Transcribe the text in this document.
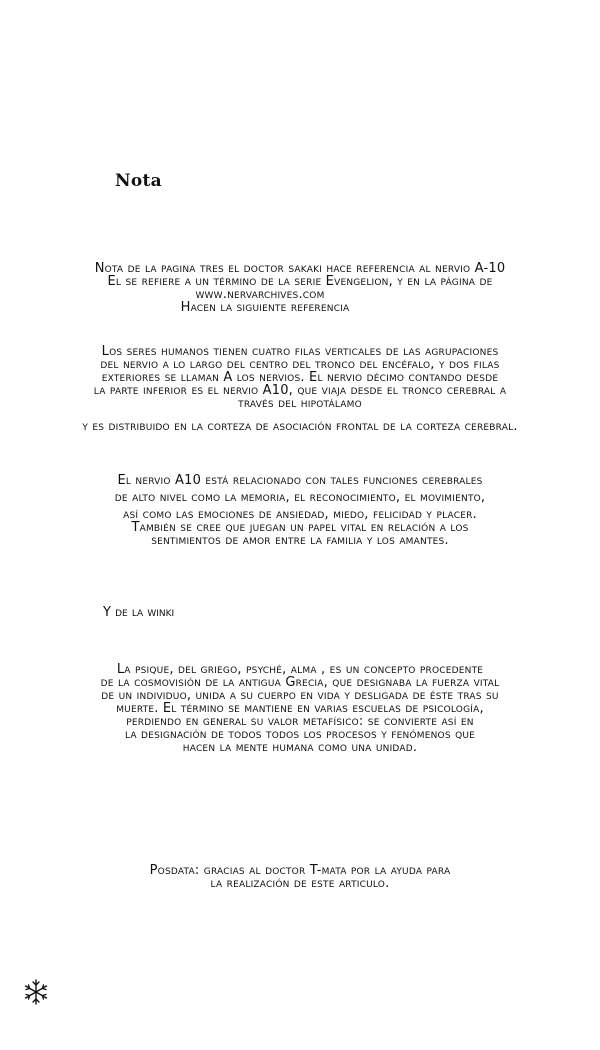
Nota
Nota de la pagina tres el doctor sakaki hace referencia al nervio A-10
El se refiere a un término de la serie Evengelion, y en la página de
www.nervarchives.com
Hacen la siguiente referencia
Los seres humanos tienen cuatro filas verticales de las agrupaciones
del nervio a lo largo del centro del tronco del encéfalo, y dos filas
exteriores se llaman A los nervios. El nervio décimo contando desde
la parte inferior es el nervio A10, que viaja desde el tronco cerebral a
través del hipotálamo
y es distribuido en la corteza de asociación frontal de la corteza cerebral.
El nervio A10 está relacionado con tales funciones cerebrales
de alto nivel como la memoria, el reconocimiento, el movimiento,
así como las emociones de ansiedad, miedo, felicidad y placer.
También se cree que juegan un papel vital en relación a los
sentimientos de amor entre la familia y los amantes.
Y de la winki
La psique, del griego, psyché, alma , es un concepto procedente
de la cosmovisión de la antigua Grecia, que designaba la fuerza vital
de un individuo, unida a su cuerpo en vida y desligada de éste tras su
muerte. El término se mantiene en varias escuelas de psicología,
perdiendo en general su valor metafísico: se convierte así en
la designación de todos todos los procesos y fenómenos que
hacen la mente humana como una unidad.
Posdata: gracias al doctor T-mata por la ayuda para
la realización de este articulo.
